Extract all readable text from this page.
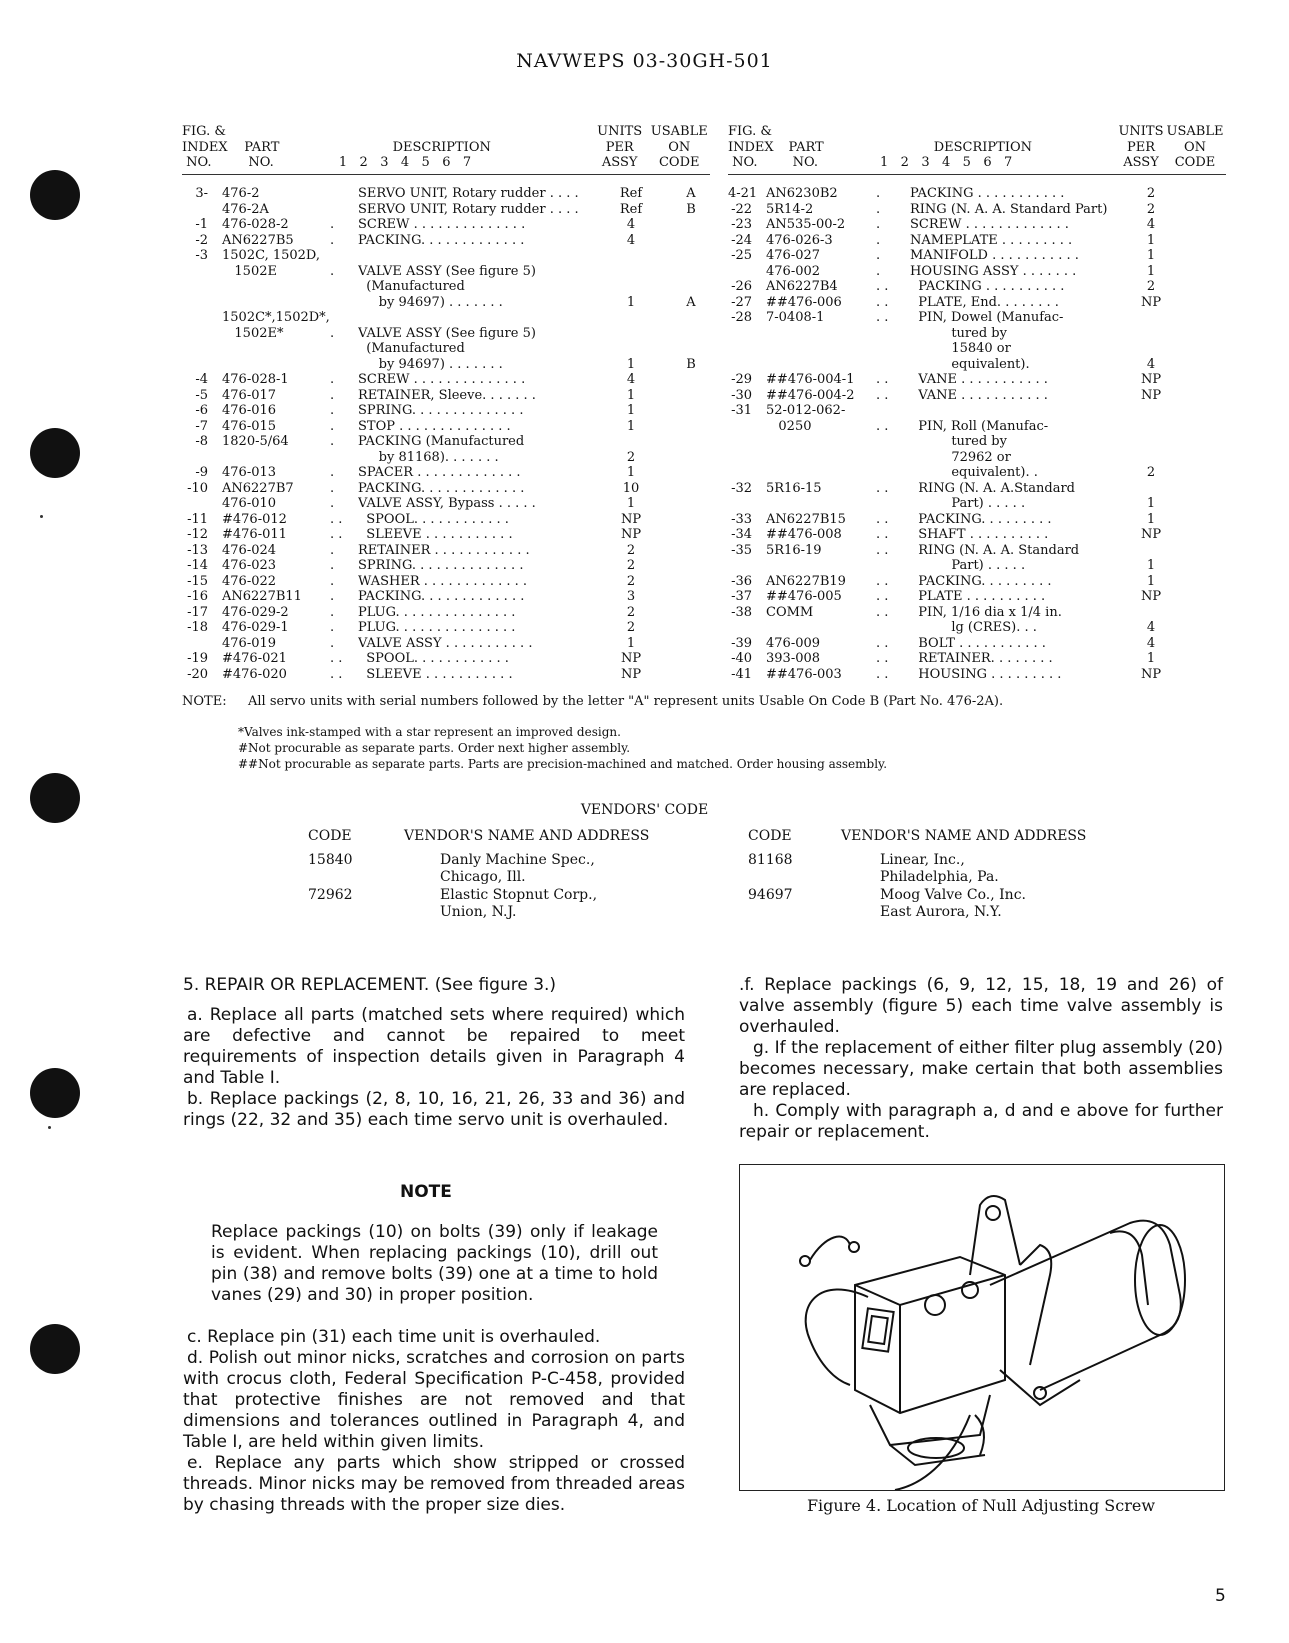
NAVWEPS 03-30GH-501
FIG. &
INDEX
NO.

PART
NO.

DESCRIPTION
1   2   3   4   5   6   7
UNITS
PER
ASSY
USABLE
ON
CODE
3-	476-2	SERVO UNIT, Rotary rudder . . . .	Ref	A
476-2A	SERVO UNIT, Rotary rudder . . . .	Ref	B
-1	476-028-2	.	SCREW . . . . . . . . . . . . . .	4
-2	AN6227B5	.	PACKING. . . . . . . . . . . . .	4
-3	1502C, 1502D,
1502E	.	VALVE ASSY (See figure 5)
(Manufactured
by 94697) . . . . . . .	1	A
1502C*,1502D*,
1502E*	.	VALVE ASSY (See figure 5)
(Manufactured
by 94697) . . . . . . .	1	B
-4	476-028-1	.	SCREW . . . . . . . . . . . . . .	4
-5	476-017	.	RETAINER, Sleeve. . . . . . .	1
-6	476-016	.	SPRING. . . . . . . . . . . . . .	1
-7	476-015	.	STOP . . . . . . . . . . . . . .	1
-8	1820-5/64	.	PACKING (Manufactured
by 81168). . . . . . .	2
-9	476-013	.	SPACER . . . . . . . . . . . . .	1
-10	AN6227B7	.	PACKING. . . . . . . . . . . . .	10
476-010	.	VALVE ASSY, Bypass . . . . .	1
-11	#476-012	. .	SPOOL. . . . . . . . . . . .	NP
-12	#476-011	. .	SLEEVE . . . . . . . . . . .	NP
-13	476-024	.	RETAINER . . . . . . . . . . . .	2
-14	476-023	.	SPRING. . . . . . . . . . . . . .	2
-15	476-022	.	WASHER . . . . . . . . . . . . .	2
-16	AN6227B11	.	PACKING. . . . . . . . . . . . .	3
-17	476-029-2	.	PLUG. . . . . . . . . . . . . . .	2
-18	476-029-1	.	PLUG. . . . . . . . . . . . . . .	2
476-019	.	VALVE ASSY . . . . . . . . . . .	1
-19	#476-021	. .	SPOOL. . . . . . . . . . . .	NP
-20	#476-020	. .	SLEEVE . . . . . . . . . . .	NP
FIG. &
INDEX
NO.

PART
NO.

DESCRIPTION
1   2   3   4   5   6   7
UNITS
PER
ASSY
USABLE
ON
CODE
4-21 AN6230B2	.	PACKING . . . . . . . . . . .	2
-22	5R14-2	.	RING (N. A. A. Standard Part)	2
-23	AN535-00-2	.	SCREW . . . . . . . . . . . . .	4
-24	476-026-3	.	NAMEPLATE . . . . . . . . .	1
-25	476-027	.	MANIFOLD . . . . . . . . . . .	1
476-002	.	HOUSING ASSY . . . . . . .	1
-26	AN6227B4	. .	PACKING . . . . . . . . . .	2
-27	##476-006	. .	PLATE, End. . . . . . . .	NP
-28	7-0408-1	. .	PIN, Dowel (Manufac-
tured by
15840 or
equivalent).	4
-29	##476-004-1	. .	VANE . . . . . . . . . . .	NP
-30	##476-004-2	. .	VANE . . . . . . . . . . .	NP
-31	52-012-062-
0250	. .	PIN, Roll (Manufac-
tured by
72962 or
equivalent). .	2
-32	5R16-15	. .	RING (N. A. A.Standard
Part) . . . . .	1
-33	AN6227B15	. .	PACKING. . . . . . . . .	1
-34	##476-008	. .	SHAFT . . . . . . . . . .	NP
-35	5R16-19	. .	RING (N. A. A. Standard
Part) . . . . .	1
-36	AN6227B19	. .	PACKING. . . . . . . . .	1
-37	##476-005	. .	PLATE . . . . . . . . . .	NP
-38	COMM	. .	PIN, 1/16 dia x 1/4 in.
lg (CRES). . .	4
-39	476-009	. .	BOLT . . . . . . . . . . .	4
-40	393-008	. .	RETAINER. . . . . . . .	1
-41	##476-003	. .	HOUSING . . . . . . . . .	NP
NOTE:	All servo units with serial numbers followed by the letter "A" represent units Usable On Code B (Part No. 476-2A).
*Valves ink-stamped with a star represent an improved design.
#Not procurable as separate parts. Order next higher assembly.
##Not procurable as separate parts. Parts are precision-machined and matched. Order housing assembly.
VENDORS' CODE
CODE	VENDOR'S NAME AND ADDRESS	CODE	VENDOR'S NAME AND ADDRESS
15840	Danly Machine Spec.,
Chicago, Ill.
72962	Elastic Stopnut Corp.,
Union, N.J.
81168	Linear, Inc.,
Philadelphia, Pa.
94697	Moog Valve Co., Inc.
East Aurora, N.Y.

5. REPAIR OR REPLACEMENT. (See figure 3.)

a. Replace all parts (matched sets where required) which are defective and cannot be repaired to meet requirements of inspection details given in Paragraph 4 and Table I.

b. Replace packings (2, 8, 10, 16, 21, 26, 33 and 36) and rings (22, 32 and 35) each time servo unit is overhauled.

NOTE
Replace packings (10) on bolts (39) only if leakage is evident. When replacing packings (10), drill out pin (38) and remove bolts (39) one at a time to hold vanes (29) and 30) in proper position.

c. Replace pin (31) each time unit is overhauled.

d. Polish out minor nicks, scratches and corrosion on parts with crocus cloth, Federal Specification P-C-458, provided that protective finishes are not removed and that dimensions and tolerances outlined in Paragraph 4, and Table I, are held within given limits.

e. Replace any parts which show stripped or crossed threads. Minor nicks may be removed from threaded areas by chasing threads with the proper size dies.

.f. Replace packings (6, 9, 12, 15, 18, 19 and 26) of valve assembly (figure 5) each time valve assembly is overhauled.

g. If the replacement of either filter plug assembly (20) becomes necessary, make certain that both assemblies are replaced.

h. Comply with paragraph a, d and e above for further repair or replacement.

Figure 4. Location of Null Adjusting Screw
5
